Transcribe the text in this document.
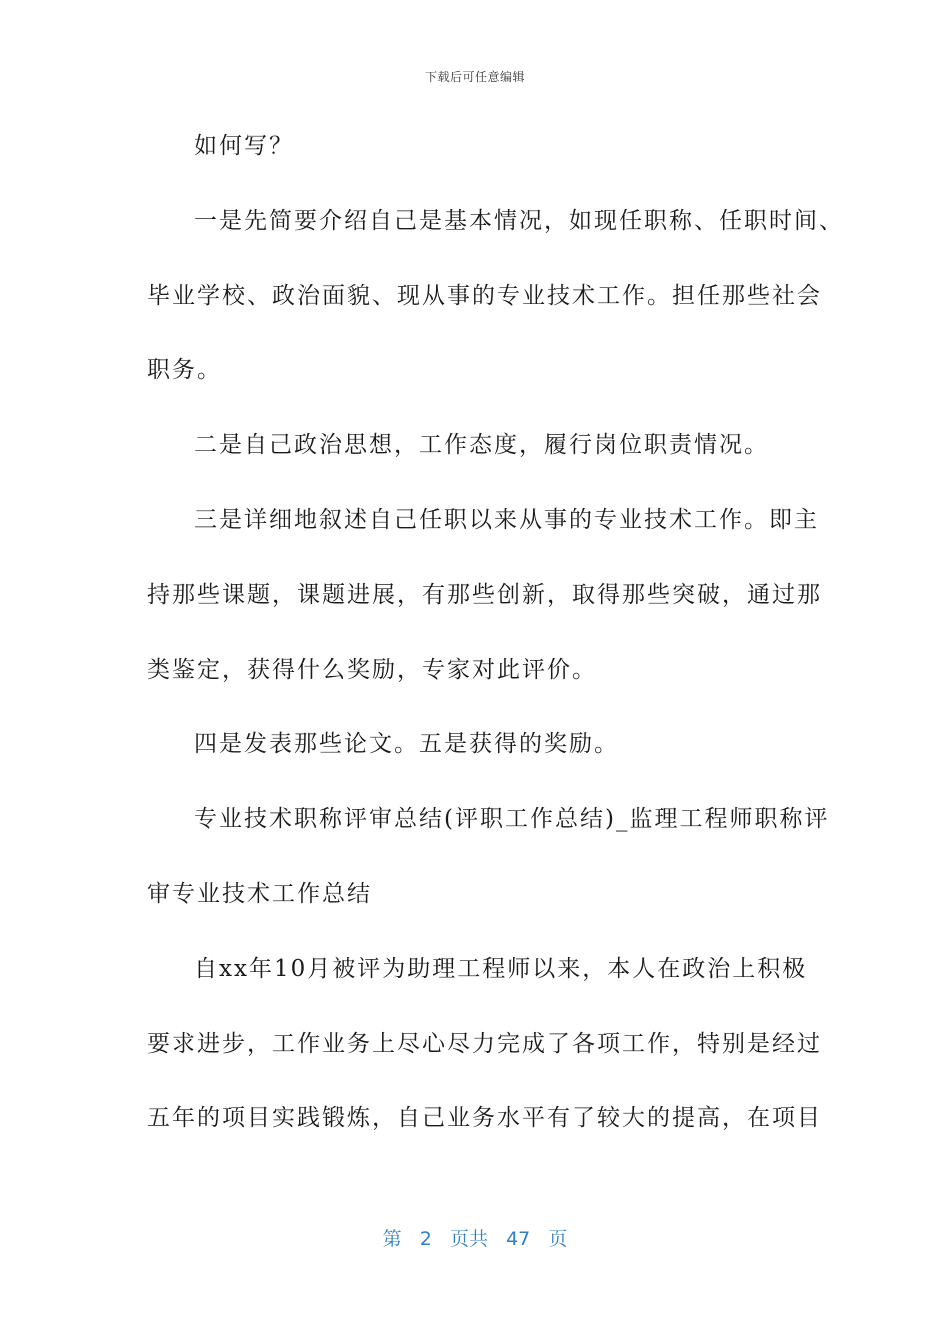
下载后可任意编辑
如何写？
一是先简要介绍自己是基本情况，如现任职称、任职时间、
毕业学校、政治面貌、现从事的专业技术工作。担任那些社会
职务。
二是自己政治思想，工作态度，履行岗位职责情况。
三是详细地叙述自己任职以来从事的专业技术工作。即主
持那些课题，课题进展，有那些创新，取得那些突破，通过那
类鉴定，获得什么奖励，专家对此评价。
四是发表那些论文。五是获得的奖励。
专业技术职称评审总结(评职工作总结)_监理工程师职称评
审专业技术工作总结
自xx年10月被评为助理工程师以来，本人在政治上积极
要求进步，工作业务上尽心尽力完成了各项工作，特别是经过
五年的项目实践锻炼，自己业务水平有了较大的提高，在项目
第 2 页共 47 页
